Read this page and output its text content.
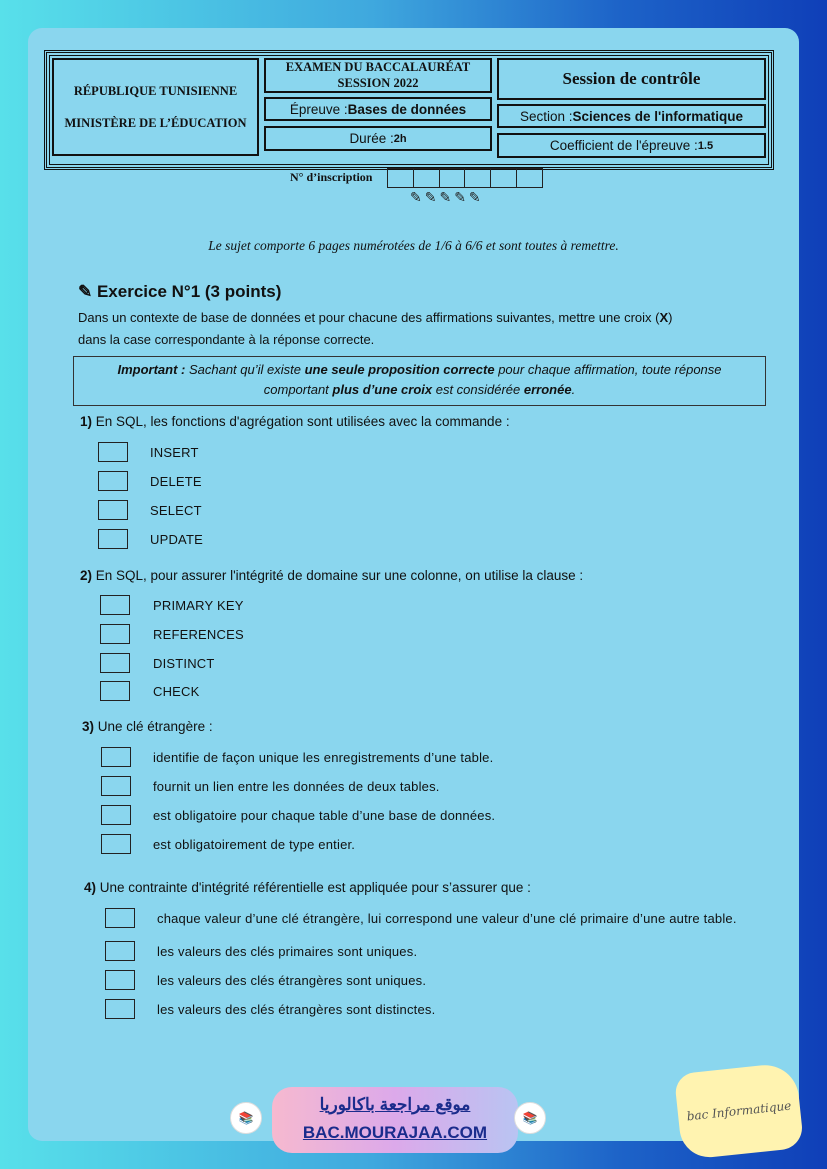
RÉPUBLIQUE TUNISIENNE
MINISTÈRE DE L’ÉDUCATION
EXAMEN DU BACCALAURÉAT
SESSION 2022	Session de contrôle
Épreuve : Bases de données	Section : Sciences de l'informatique
Durée : 2h	Coefficient de l'épreuve : 1.5
N° d’inscription
✎✎✎✎✎
Le sujet comporte 6 pages numérotées de 1/6 à 6/6 et sont toutes à remettre.
✎ Exercice N°1 (3 points)
Dans un contexte de base de données et pour chacune des affirmations suivantes, mettre une croix (X)
dans la case correspondante à la réponse correcte.
Important : Sachant qu’il existe une seule proposition correcte pour chaque affirmation, toute réponse
comportant plus d’une croix est considérée erronée.
1) En SQL, les fonctions d'agrégation sont utilisées avec la commande :
INSERT
DELETE
SELECT
UPDATE
2) En SQL, pour assurer l'intégrité de domaine sur une colonne, on utilise la clause :
PRIMARY KEY
REFERENCES
DISTINCT
CHECK
3) Une clé étrangère :
identifie de façon unique les enregistrements d’une table.
fournit un lien entre les données de deux tables.
est obligatoire pour chaque table d’une base de données.
est obligatoirement de type entier.
4) Une contrainte d'intégrité référentielle est appliquée pour s’assurer que :
chaque valeur d’une clé étrangère, lui correspond une valeur d’une clé primaire d’une autre table.
les valeurs des clés primaires sont uniques.
les valeurs des clés étrangères sont uniques.
les valeurs des clés étrangères sont distinctes.
موقع مراجعة باكالوريا
BAC.MOURAJAA.COM
📚	📚	bac Informatique
